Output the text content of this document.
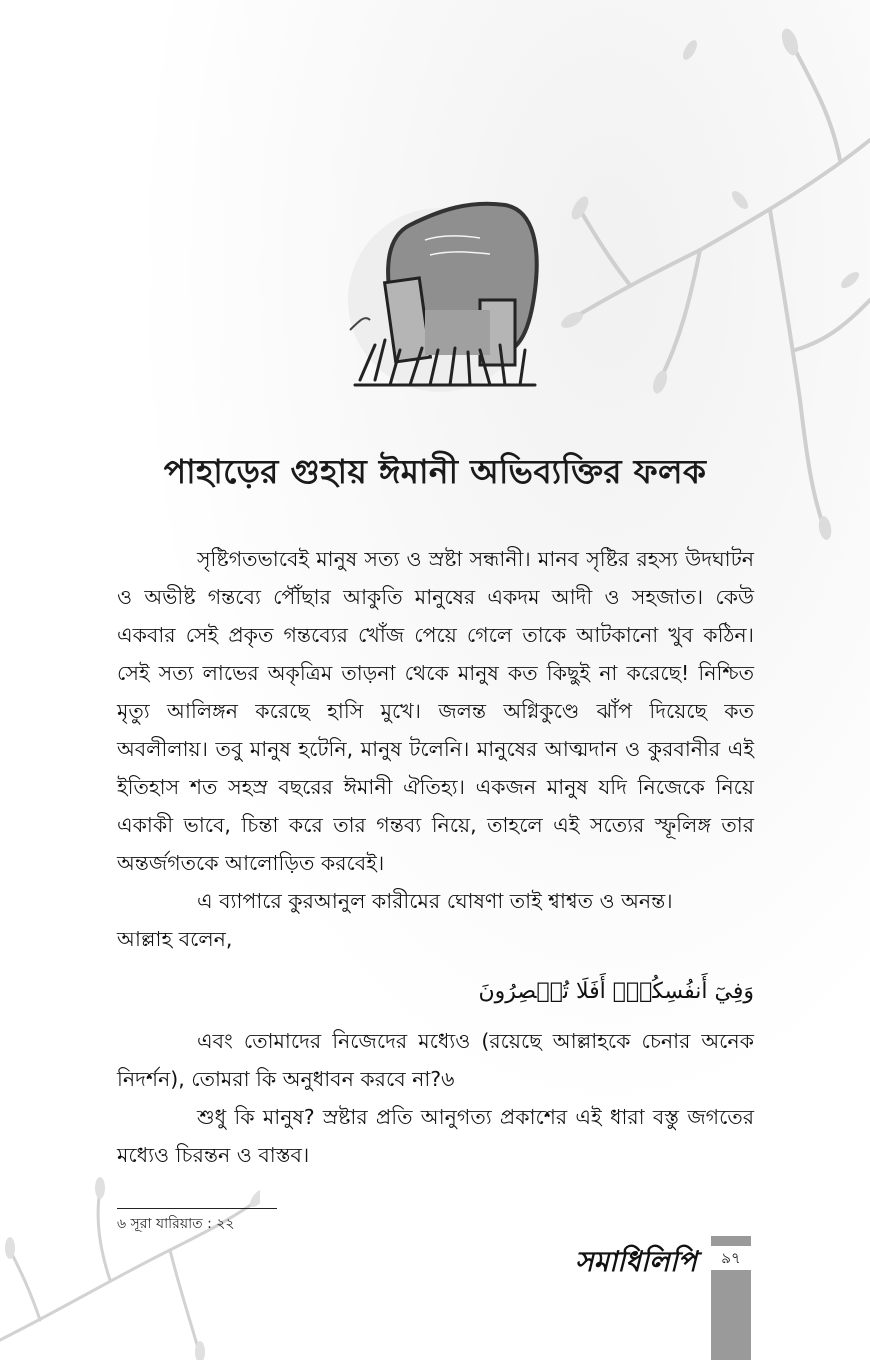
পাহাড়ের গুহায় ঈমানী অভিব্যক্তির ফলক

সৃষ্টিগতভাবেই মানুষ সত্য ও স্রষ্টা সন্ধানী। মানব সৃষ্টির রহস্য উদঘাটন ও অভীষ্ট গন্তব্যে পৌঁছার আকুতি মানুষের একদম আদী ও সহজাত। কেউ একবার সেই প্রকৃত গন্তব্যের খোঁজ পেয়ে গেলে তাকে আটকানো খুব কঠিন। সেই সত্য লাভের অকৃত্রিম তাড়না থেকে মানুষ কত কিছুই না করেছে! নিশ্চিত মৃত্যু আলিঙ্গন করেছে হাসি মুখে। জলন্ত অগ্নিকুণ্ডে ঝাঁপ দিয়েছে কত অবলীলায়। তবু মানুষ হটেনি, মানুষ টলেনি। মানুষের আত্মদান ও কুরবানীর এই ইতিহাস শত সহস্র বছরের ঈমানী ঐতিহ্য। একজন মানুষ যদি নিজেকে নিয়ে একাকী ভাবে, চিন্তা করে তার গন্তব্য নিয়ে, তাহলে এই সত্যের স্ফূলিঙ্গ তার অন্তর্জগতকে আলোড়িত করবেই।

এ ব্যাপারে কুরআনুল কারীমের ঘোষণা তাই শ্বাশ্বত ও অনন্ত।

আল্লাহ বলেন,

وَفِيٓ أَنفُسِكُمۡۚ أَفَلَا تُبۡصِرُونَ

এবং তোমাদের নিজেদের মধ্যেও (রয়েছে আল্লাহকে চেনার অনেক নিদর্শন), তোমরা কি অনুধাবন করবে না?৬

শুধু কি মানুষ? স্রষ্টার প্রতি আনুগত্য প্রকাশের এই ধারা বস্তু জগতের মধ্যেও চিরন্তন ও বাস্তব।

৬ সূরা যারিয়াত : ২২
সমাধিলিপি	৯৭
